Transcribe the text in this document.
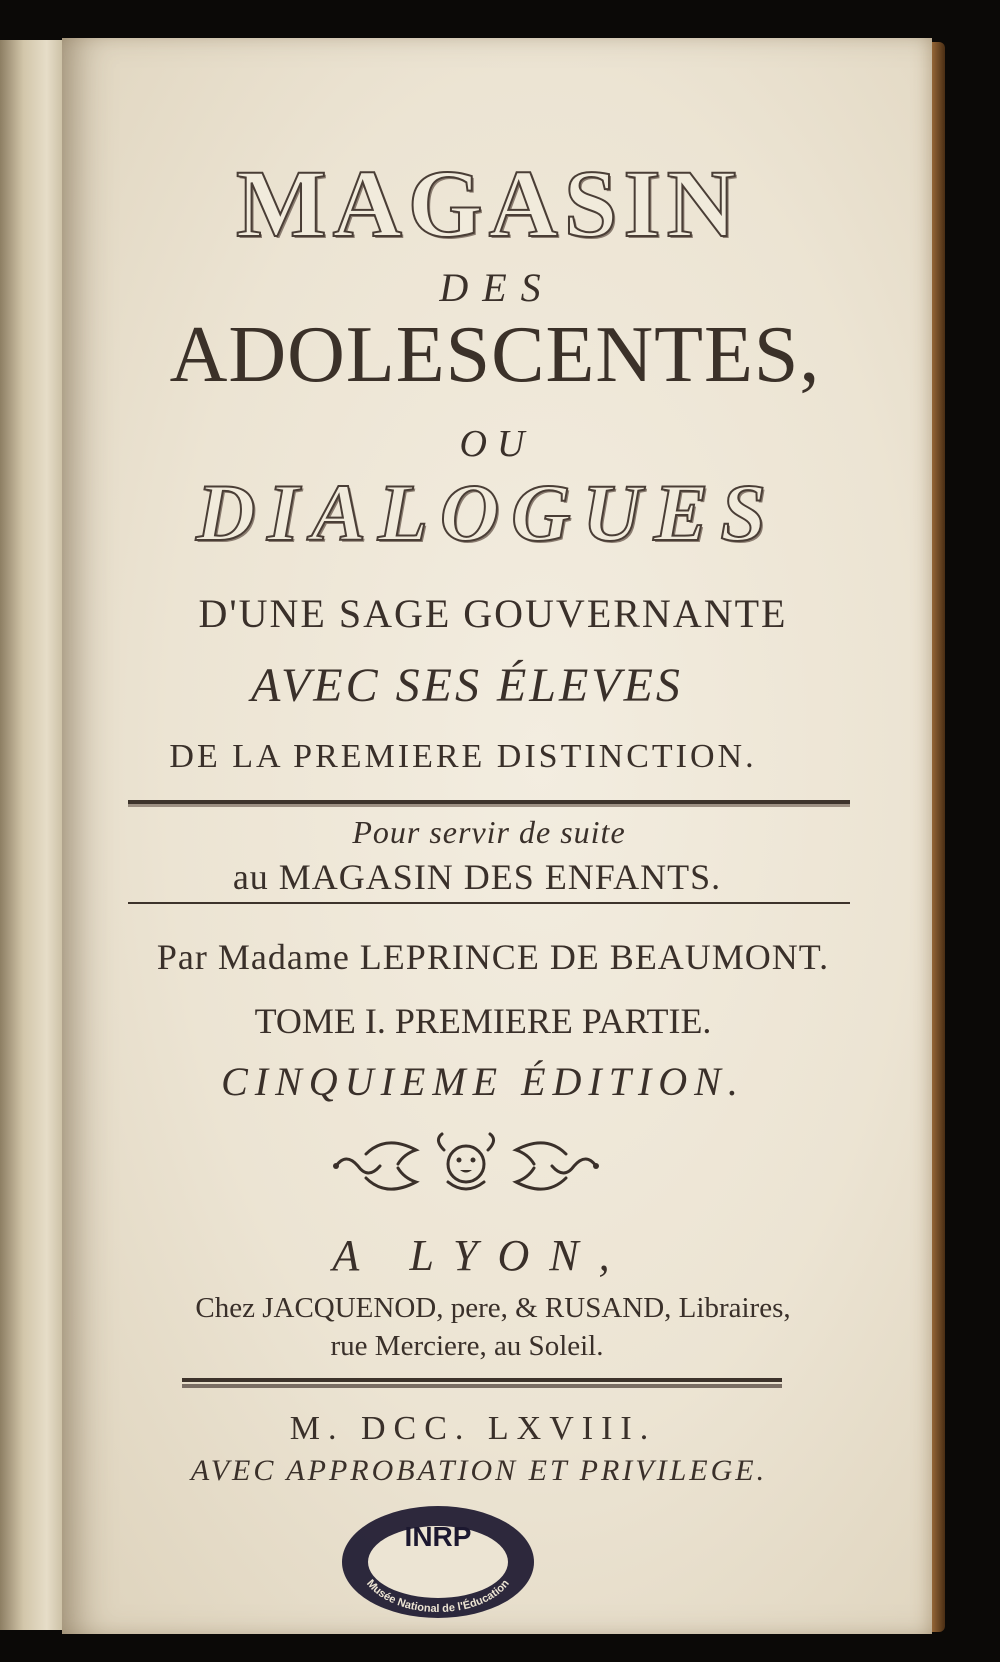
MAGASIN
DES
ADOLESCENTES,
OU
DIALOGUES
D'UNE SAGE GOUVERNANTE
AVEC SES ÉLEVES
DE LA PREMIERE DISTINCTION.
Pour servir de suite
au MAGASIN DES ENFANTS.
Par Madame LEPRINCE DE BEAUMONT.
TOME I. PREMIERE PARTIE.
CINQUIEME ÉDITION.
A LYON,
Chez JACQUENOD, pere, & RUSAND, Libraires,
rue Merciere, au Soleil.
M. DCC. LXVIII.
AVEC APPROBATION ET PRIVILEGE.
INRP
Musée National de l'Éducation
